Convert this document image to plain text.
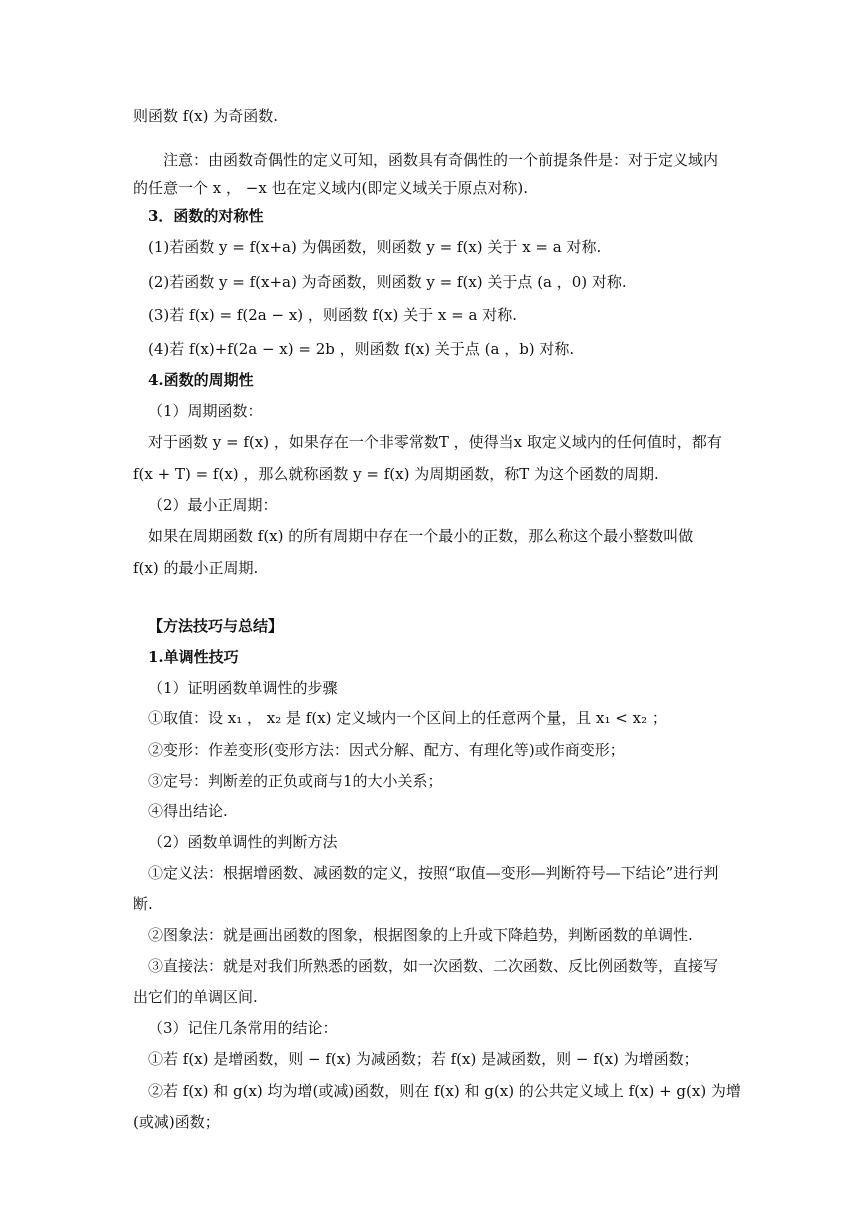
则函数 f(x) 为奇函数.
注意：由函数奇偶性的定义可知，函数具有奇偶性的一个前提条件是：对于定义域内
的任意一个 x ， −x 也在定义域内(即定义域关于原点对称).
3．函数的对称性
(1)若函数 y = f(x+a) 为偶函数，则函数 y = f(x) 关于 x = a 对称.
(2)若函数 y = f(x+a) 为奇函数，则函数 y = f(x) 关于点 (a ，0) 对称.
(3)若 f(x) = f(2a − x) ，则函数 f(x) 关于 x = a 对称.
(4)若 f(x)+f(2a − x) = 2b ，则函数 f(x) 关于点 (a ，b) 对称.
4.函数的周期性
（1）周期函数：
对于函数 y = f(x) ，如果存在一个非零常数T ，使得当x 取定义域内的任何值时，都有
f(x + T) = f(x) ，那么就称函数 y = f(x) 为周期函数，称T 为这个函数的周期.
（2）最小正周期：
如果在周期函数 f(x) 的所有周期中存在一个最小的正数，那么称这个最小整数叫做
f(x) 的最小正周期.
【方法技巧与总结】
1.单调性技巧
（1）证明函数单调性的步骤
①取值：设 x₁ ， x₂ 是 f(x) 定义域内一个区间上的任意两个量，且 x₁ < x₂ ；
②变形：作差变形(变形方法：因式分解、配方、有理化等)或作商变形；
③定号：判断差的正负或商与1的大小关系；
④得出结论.
（2）函数单调性的判断方法
①定义法：根据增函数、减函数的定义，按照“取值—变形—判断符号—下结论”进行判
断.
②图象法：就是画出函数的图象，根据图象的上升或下降趋势，判断函数的单调性.
③直接法：就是对我们所熟悉的函数，如一次函数、二次函数、反比例函数等，直接写
出它们的单调区间.
（3）记住几条常用的结论：
①若 f(x) 是增函数，则 − f(x) 为减函数；若 f(x) 是减函数，则 − f(x) 为增函数；
②若 f(x) 和 g(x) 均为增(或减)函数，则在 f(x) 和 g(x) 的公共定义域上 f(x) + g(x) 为增
(或减)函数；
